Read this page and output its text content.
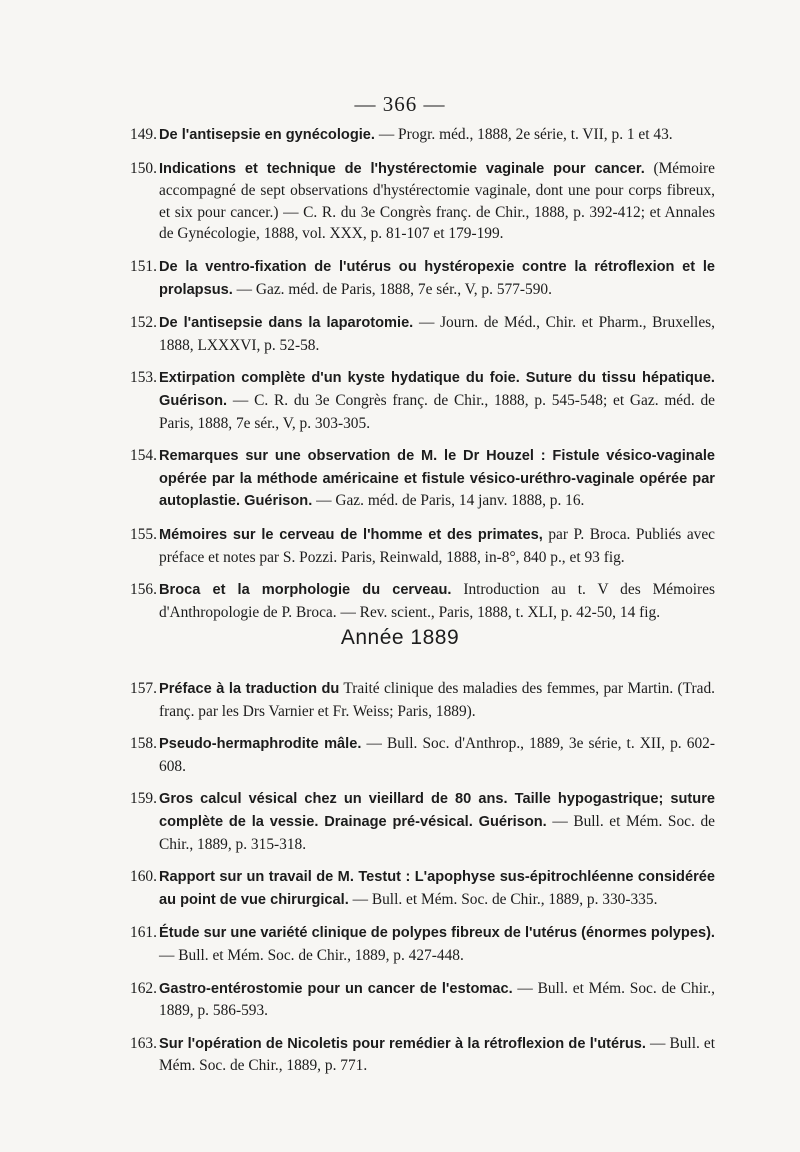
— 366 —
149. De l'antisepsie en gynécologie. — Progr. méd., 1888, 2e série, t. VII, p. 1 et 43.
150. Indications et technique de l'hystérectomie vaginale pour cancer. (Mémoire accompagné de sept observations d'hystérectomie vaginale, dont une pour corps fibreux, et six pour cancer.) — C. R. du 3e Congrès franç. de Chir., 1888, p. 392-412; et Annales de Gynécologie, 1888, vol. XXX, p. 81-107 et 179-199.
151. De la ventro-fixation de l'utérus ou hystéropexie contre la rétroflexion et le prolapsus. — Gaz. méd. de Paris, 1888, 7e sér., V, p. 577-590.
152. De l'antisepsie dans la laparotomie. — Journ. de Méd., Chir. et Pharm., Bruxelles, 1888, LXXXVI, p. 52-58.
153. Extirpation complète d'un kyste hydatique du foie. Suture du tissu hépatique. Guérison. — C. R. du 3e Congrès franç. de Chir., 1888, p. 545-548; et Gaz. méd. de Paris, 1888, 7e sér., V, p. 303-305.
154. Remarques sur une observation de M. le Dr Houzel : Fistule vésico-vaginale opérée par la méthode américaine et fistule vésico-uréthro-vaginale opérée par autoplastie. Guérison. — Gaz. méd. de Paris, 14 janv. 1888, p. 16.
155. Mémoires sur le cerveau de l'homme et des primates, par P. Broca. Publiés avec préface et notes par S. Pozzi. Paris, Reinwald, 1888, in-8°, 840 p., et 93 fig.
156. Broca et la morphologie du cerveau. Introduction au t. V des Mémoires d'Anthropologie de P. Broca. — Rev. scient., Paris, 1888, t. XLI, p. 42-50, 14 fig.
Année 1889
157. Préface à la traduction du Traité clinique des maladies des femmes, par Martin. (Trad. franç. par les Drs Varnier et Fr. Weiss; Paris, 1889).
158. Pseudo-hermaphrodite mâle. — Bull. Soc. d'Anthrop., 1889, 3e série, t. XII, p. 602-608.
159. Gros calcul vésical chez un vieillard de 80 ans. Taille hypogastrique; suture complète de la vessie. Drainage pré-vésical. Guérison. — Bull. et Mém. Soc. de Chir., 1889, p. 315-318.
160. Rapport sur un travail de M. Testut : L'apophyse sus-épitrochléenne considérée au point de vue chirurgical. — Bull. et Mém. Soc. de Chir., 1889, p. 330-335.
161. Étude sur une variété clinique de polypes fibreux de l'utérus (énormes polypes). — Bull. et Mém. Soc. de Chir., 1889, p. 427-448.
162. Gastro-entérostomie pour un cancer de l'estomac. — Bull. et Mém. Soc. de Chir., 1889, p. 586-593.
163. Sur l'opération de Nicoletis pour remédier à la rétroflexion de l'utérus. — Bull. et Mém. Soc. de Chir., 1889, p. 771.
